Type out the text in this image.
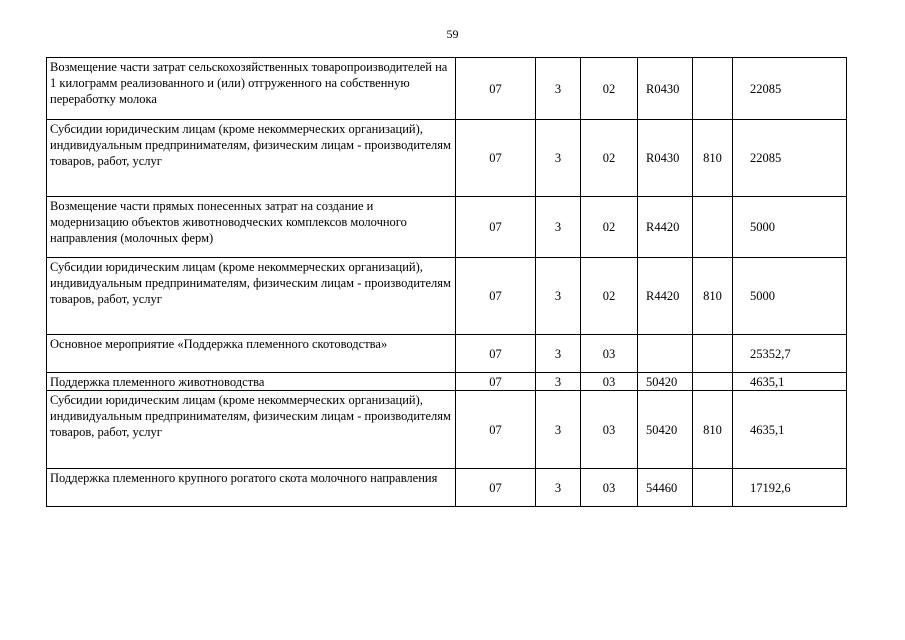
59
Возмещение части затрат сельскохозяйственных товаропроизводителей на 1 килограмм реализованного и (или) отгруженного на собственную переработку молока	07	3	02	R0430		22085
Субсидии юридическим лицам (кроме некоммерческих организаций), индивидуальным предпринимателям, физическим лицам - производителям товаров, работ, услуг	07	3	02	R0430	810	22085
Возмещение части прямых понесенных затрат на создание и модернизацию объектов животноводческих комплексов молочного направления (молочных ферм)	07	3	02	R4420		5000
Субсидии юридическим лицам (кроме некоммерческих организаций), индивидуальным предпринимателям, физическим лицам - производителям товаров, работ, услуг	07	3	02	R4420	810	5000
Основное мероприятие «Поддержка племенного скотоводства»	07	3	03			25352,7
Поддержка племенного животноводства	07	3	03	50420		4635,1
Субсидии юридическим лицам (кроме некоммерческих организаций), индивидуальным предпринимателям, физическим лицам - производителям товаров, работ, услуг	07	3	03	50420	810	4635,1
Поддержка племенного крупного рогатого скота молочного направления	07	3	03	54460		17192,6
